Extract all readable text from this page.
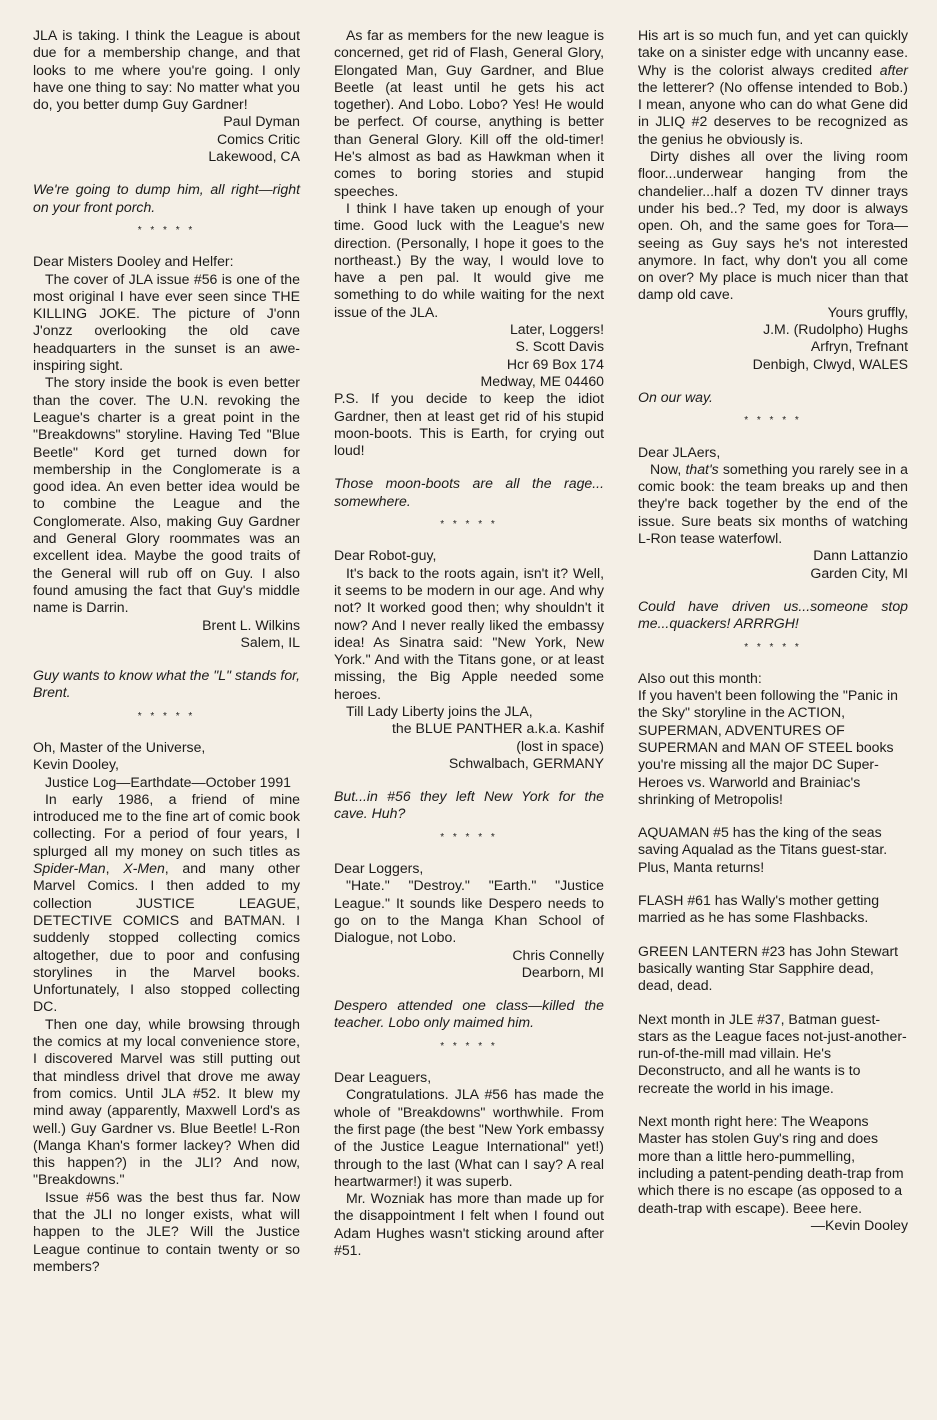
JLA is taking. I think the League is about due for a membership change, and that looks to me where you're going. I only have one thing to say: No matter what you do, you better dump Guy Gardner!

Paul Dyman

Comics Critic

Lakewood, CA

We're going to dump him, all right—right on your front porch.

* * * * *

Dear Misters Dooley and Helfer:

The cover of JLA issue #56 is one of the most original I have ever seen since THE KILLING JOKE. The picture of J'onn J'onzz overlooking the old cave headquarters in the sunset is an awe-inspiring sight.

The story inside the book is even better than the cover. The U.N. revoking the League's charter is a great point in the "Breakdowns" storyline. Having Ted "Blue Beetle" Kord get turned down for membership in the Conglomerate is a good idea. An even better idea would be to combine the League and the Conglomerate. Also, making Guy Gardner and General Glory roommates was an excellent idea. Maybe the good traits of the General will rub off on Guy. I also found amusing the fact that Guy's middle name is Darrin.

Brent L. Wilkins

Salem, IL

Guy wants to know what the "L" stands for, Brent.

* * * * *

Oh, Master of the Universe,

Kevin Dooley,

Justice Log—Earthdate—October 1991

In early 1986, a friend of mine introduced me to the fine art of comic book collecting. For a period of four years, I splurged all my money on such titles as Spider-Man, X-Men, and many other Marvel Comics. I then added to my collection JUSTICE LEAGUE, DETECTIVE COMICS and BATMAN. I suddenly stopped collecting comics altogether, due to poor and confusing storylines in the Marvel books. Unfortunately, I also stopped collecting DC.

Then one day, while browsing through the comics at my local convenience store, I discovered Marvel was still putting out that mindless drivel that drove me away from comics. Until JLA #52. It blew my mind away (apparently, Maxwell Lord's as well.) Guy Gardner vs. Blue Beetle! L-Ron (Manga Khan's former lackey? When did this happen?) in the JLI? And now, "Breakdowns."

Issue #56 was the best thus far. Now that the JLI no longer exists, what will happen to the JLE? Will the Justice League continue to contain twenty or so members?

As far as members for the new league is concerned, get rid of Flash, General Glory, Elongated Man, Guy Gardner, and Blue Beetle (at least until he gets his act together). And Lobo. Lobo? Yes! He would be perfect. Of course, anything is better than General Glory. Kill off the old-timer! He's almost as bad as Hawkman when it comes to boring stories and stupid speeches.

I think I have taken up enough of your time. Good luck with the League's new direction. (Personally, I hope it goes to the northeast.) By the way, I would love to have a pen pal. It would give me something to do while waiting for the next issue of the JLA.

Later, Loggers!

S. Scott Davis

Hcr 69 Box 174

Medway, ME 04460

P.S. If you decide to keep the idiot Gardner, then at least get rid of his stupid moon-boots. This is Earth, for crying out loud!

Those moon-boots are all the rage... somewhere.

* * * * *

Dear Robot-guy,

It's back to the roots again, isn't it? Well, it seems to be modern in our age. And why not? It worked good then; why shouldn't it now? And I never really liked the embassy idea! As Sinatra said: "New York, New York." And with the Titans gone, or at least missing, the Big Apple needed some heroes.

Till Lady Liberty joins the JLA,

the BLUE PANTHER a.k.a. Kashif

(lost in space)

Schwalbach, GERMANY

But...in #56 they left New York for the cave. Huh?

* * * * *

Dear Loggers,

"Hate." "Destroy." "Earth." "Justice League." It sounds like Despero needs to go on to the Manga Khan School of Dialogue, not Lobo.

Chris Connelly

Dearborn, MI

Despero attended one class—killed the teacher. Lobo only maimed him.

* * * * *

Dear Leaguers,

Congratulations. JLA #56 has made the whole of "Breakdowns" worthwhile. From the first page (the best "New York embassy of the Justice League International" yet!) through to the last (What can I say? A real heartwarmer!) it was superb.

Mr. Wozniak has more than made up for the disappointment I felt when I found out Adam Hughes wasn't sticking around after #51.

His art is so much fun, and yet can quickly take on a sinister edge with uncanny ease. Why is the colorist always credited after the letterer? (No offense intended to Bob.) I mean, anyone who can do what Gene did in JLIQ #2 deserves to be recognized as the genius he obviously is.

Dirty dishes all over the living room floor...underwear hanging from the chandelier...half a dozen TV dinner trays under his bed..? Ted, my door is always open. Oh, and the same goes for Tora—seeing as Guy says he's not interested anymore. In fact, why don't you all come on over? My place is much nicer than that damp old cave.

Yours gruffly,

J.M. (Rudolpho) Hughs

Arfryn, Trefnant

Denbigh, Clwyd, WALES

On our way.

* * * * *

Dear JLAers,

Now, that's something you rarely see in a comic book: the team breaks up and then they're back together by the end of the issue. Sure beats six months of watching L-Ron tease waterfowl.

Dann Lattanzio

Garden City, MI

Could have driven us...someone stop me...quackers! ARRRGH!

* * * * *

Also out this month:

If you haven't been following the "Panic in the Sky" storyline in the ACTION, SUPERMAN, ADVENTURES OF SUPERMAN and MAN OF STEEL books you're missing all the major DC Super-Heroes vs. Warworld and Brainiac's shrinking of Metropolis!

AQUAMAN #5 has the king of the seas saving Aqualad as the Titans guest-star. Plus, Manta returns!

FLASH #61 has Wally's mother getting married as he has some Flashbacks.

GREEN LANTERN #23 has John Stewart basically wanting Star Sapphire dead, dead, dead.

Next month in JLE #37, Batman guest-stars as the League faces not-just-another-run-of-the-mill mad villain. He's Deconstructo, and all he wants is to recreate the world in his image.

Next month right here: The Weapons Master has stolen Guy's ring and does more than a little hero-pummelling, including a patent-pending death-trap from which there is no escape (as opposed to a death-trap with escape). Beee here.

—Kevin Dooley
